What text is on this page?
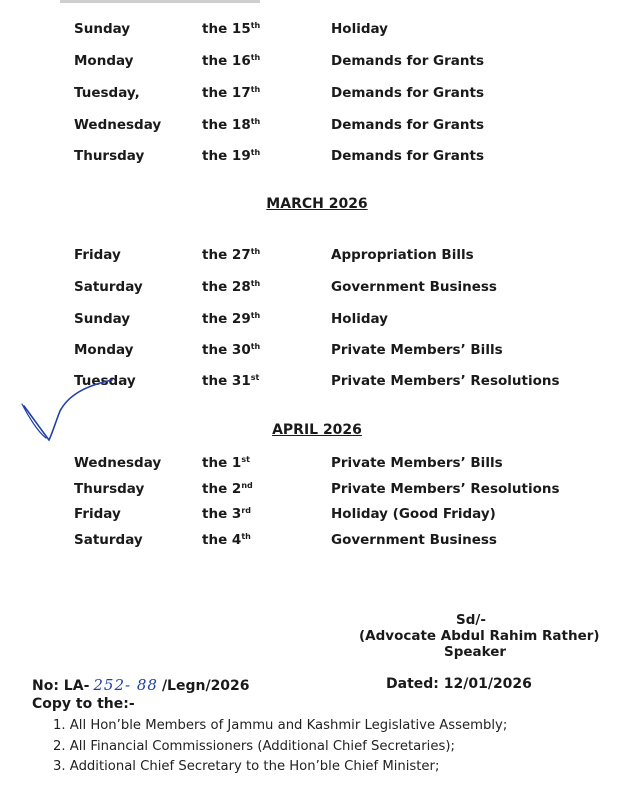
Sunday	the 15th	Holiday
Monday	the 16th	Demands for Grants
Tuesday,	the 17th	Demands for Grants
Wednesday	the 18th	Demands for Grants
Thursday	the 19th	Demands for Grants
MARCH 2026
Friday	the 27th	Appropriation Bills
Saturday	the 28th	Government Business
Sunday	the 29th	Holiday
Monday	the 30th	Private Members’ Bills
Tuesday	the 31st	Private Members’ Resolutions
APRIL 2026
Wednesday	the 1st	Private Members’ Bills
Thursday	the 2nd	Private Members’ Resolutions
Friday	the 3rd	Holiday (Good Friday)
Saturday	the 4th	Government Business
Sd/-
(Advocate Abdul Rahim Rather)
Speaker
No: LA- 252- 88 /Legn/2026	Dated: 12/01/2026
Copy to the:-
1. All Hon’ble Members of Jammu and Kashmir Legislative Assembly;
2. All Financial Commissioners (Additional Chief Secretaries);
3. Additional Chief Secretary to the Hon’ble Chief Minister;
